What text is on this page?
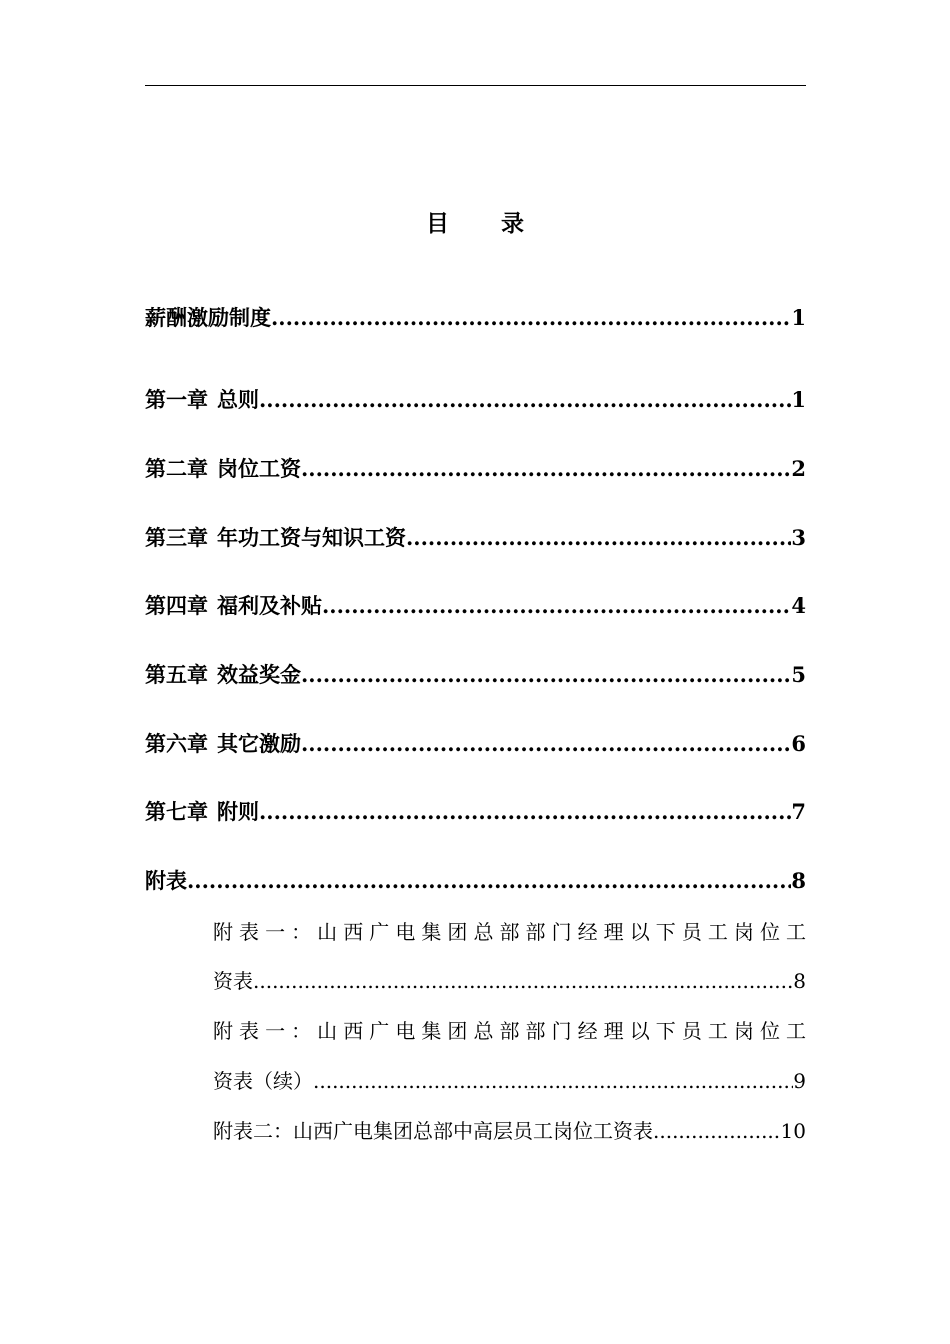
目 录
薪酬激励制度 .....	1
第一章 总则 .....	1
第二章 岗位工资 .....	2
第三章 年功工资与知识工资 .....	3
第四章 福利及补贴 .....	4
第五章 效益奖金 .....	5
第六章 其它激励 .....	6
第七章 附则 .....	7
附表 .....	8
附表一：山西广电集团总部部门经理以下员工岗位工
资表 .....	8
附表一：山西广电集团总部部门经理以下员工岗位工
资表（续） .....	9
附表二：山西广电集团总部中高层员工岗位工资表 .....	10
